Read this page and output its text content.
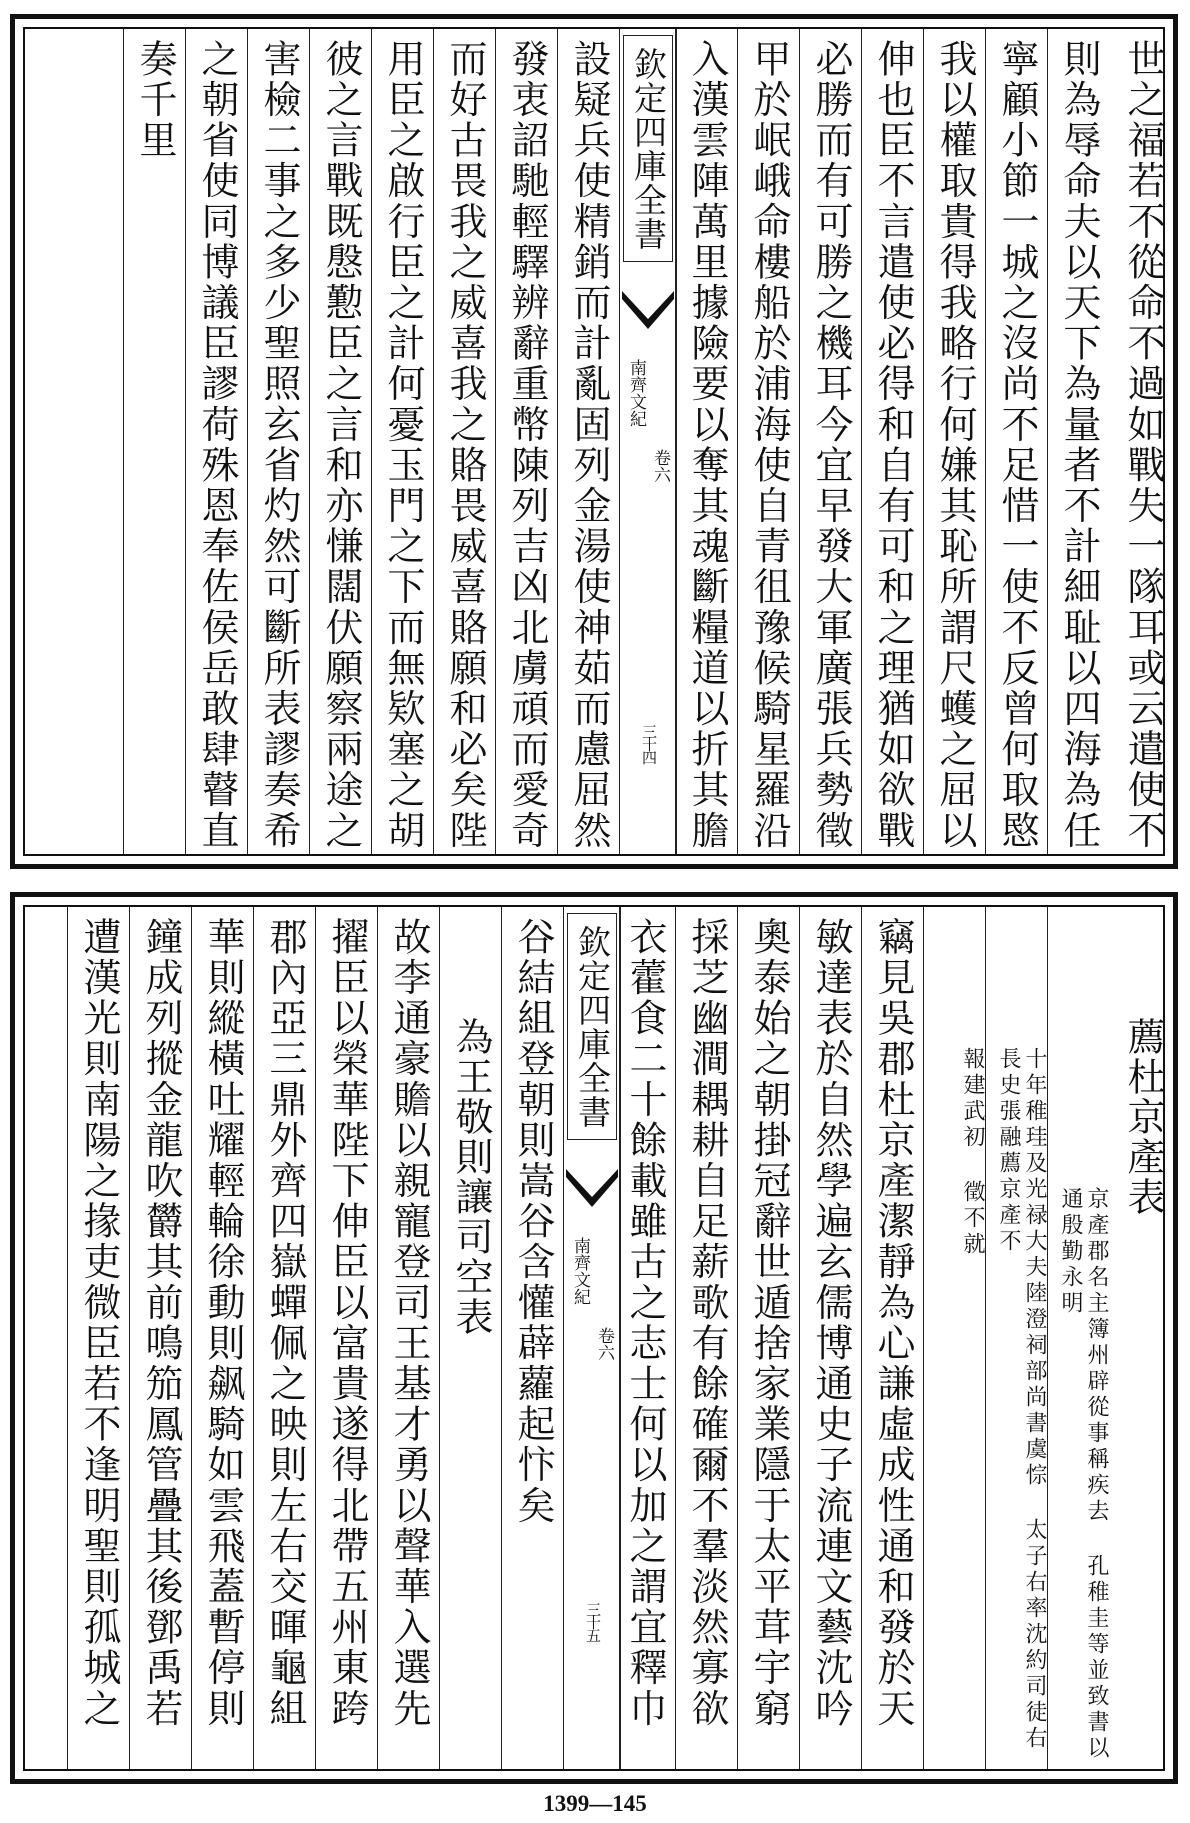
世之福若不從命不過如戰失一隊耳或云遣使不
則為辱命夫以天下為量者不計細耻以四海為任
寧顧小節一城之沒尚不足惜一使不反曾何取愍
我以權取貴得我略行何嫌其恥所謂尺蠖之屈以
伸也臣不言遣使必得和自有可和之理猶如欲戰
必勝而有可勝之機耳今宜早發大軍廣張兵勢徵
甲於岷峨命樓船於浦海使自青徂豫候騎星羅沿
入漢雲陣萬里據險要以奪其魂斷糧道以折其膽
欽定四庫全書
南齊文紀
卷六
三十四
設疑兵使精銷而計亂固列金湯使神茹而慮屈然
發衷詔馳輕驛辨辭重幣陳列吉凶北虜頑而愛奇
而好古畏我之威喜我之賂畏威喜賂願和必矣陛
用臣之啟行臣之計何憂玉門之下而無欵塞之胡
彼之言戰既慇懃臣之言和亦慊闊伏願察兩途之
害檢二事之多少聖照玄省灼然可斷所表謬奏希
之朝省使同博議臣謬荷殊恩奉佐侯岳敢肆瞽直
奏千里
薦杜京產表
京產郡名主簿州辟從事稱疾去 孔稚圭等並致書以通殷勤永明
十年稚珪及光禄大夫陸澄祠部尚書虞悰 太子右率沈約司徒右長史張融薦京產不
報建武初 徵不就
竊見吳郡杜京產潔靜為心謙虛成性通和發於天
敏達表於自然學遍玄儒博通史子流連文藝沈吟
奧泰始之朝掛冠辭世遁捨家業隱于太平茸宇窮
採芝幽澗耦耕自足薪歌有餘確爾不羣淡然寡欲
衣藿食二十餘載雖古之志士何以加之謂宜釋巾
欽定四庫全書
南齊文紀
卷六
三十五
谷結組登朝則嵩谷含懽薜蘿起忭矣
為王敬則讓司空表
故李通豪贍以親寵登司王基才勇以聲華入選先
擢臣以榮華陛下伸臣以富貴遂得北帶五州東跨
郡內亞三鼎外齊四嶽蟬佩之映則左右交暉龜組
華則縱橫吐耀輕輪徐動則飙騎如雲飛蓋暫停則
鐘成列摐金龍吹欝其前鳴笳鳳管疊其後鄧禹若
遭漢光則南陽之掾吏微臣若不逢明聖則孤城之
1399—145
